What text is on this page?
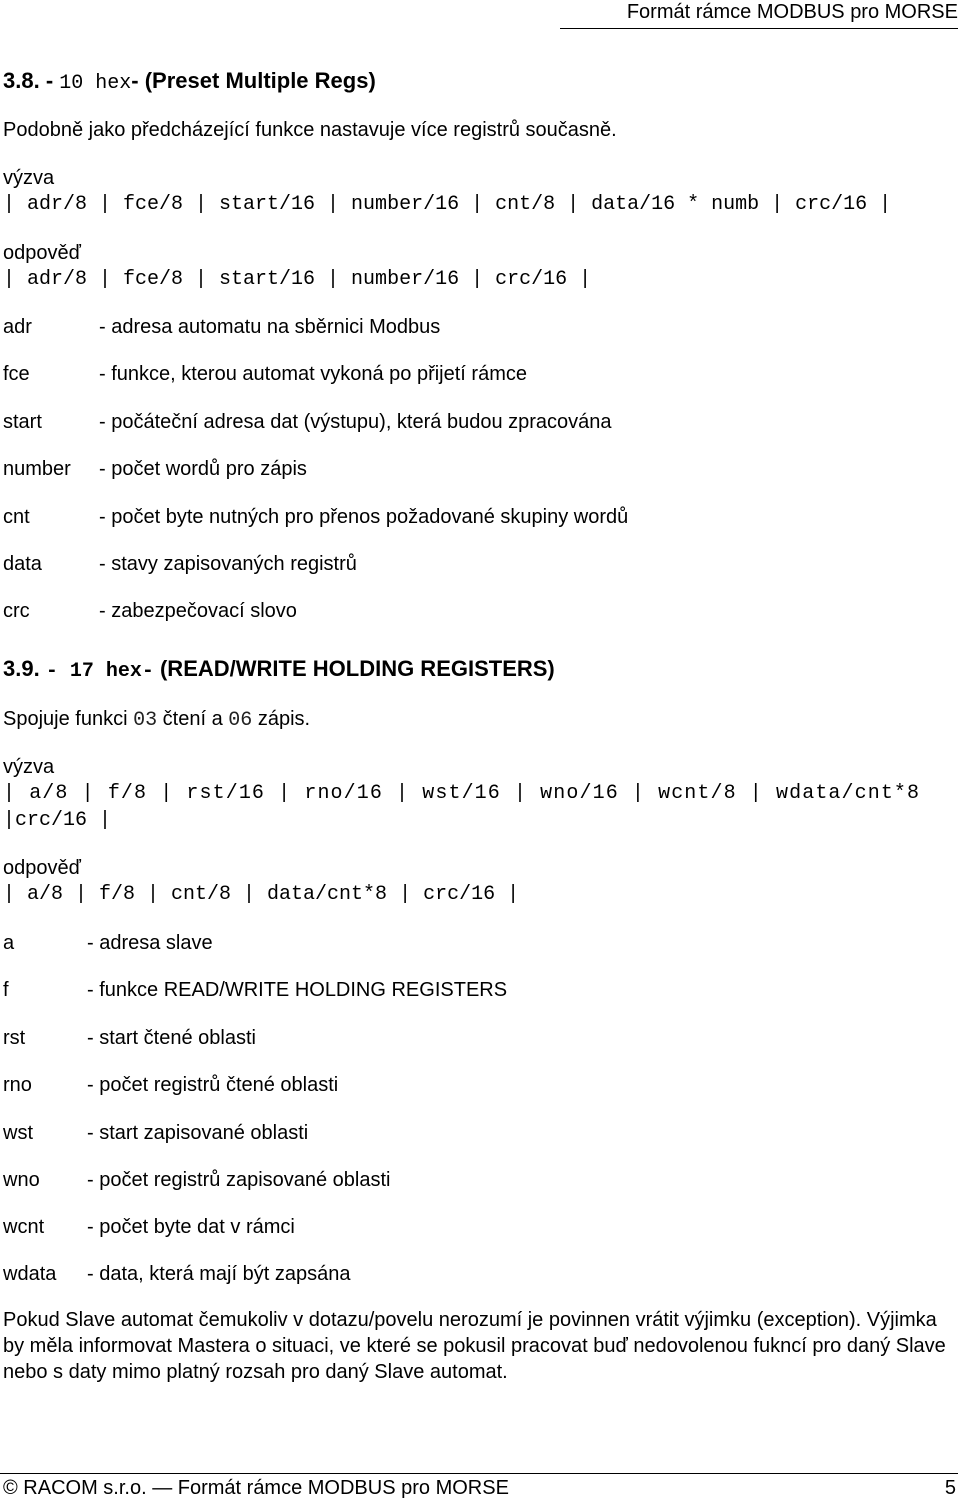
Formát rámce MODBUS pro MORSE
3.8. - 10 hex- (Preset Multiple Regs)
Podobně jako předcházející funkce nastavuje více registrů současně.
výzva
| adr/8 | fce/8 | start/16 | number/16 | cnt/8 | data/16 * numb | crc/16 |
odpověď
| adr/8 | fce/8 | start/16 | number/16 | crc/16 |
adr	- adresa automatu na sběrnici Modbus
fce	- funkce, kterou automat vykoná po přijetí rámce
start	- počáteční adresa dat (výstupu), která budou zpracována
number - počet wordů pro zápis
cnt	- počet byte nutných pro přenos požadované skupiny wordů
data	- stavy zapisovaných registrů
crc	- zabezpečovací slovo
3.9. - 17 hex- (READ/WRITE HOLDING REGISTERS)
Spojuje funkci 03 čtení a 06 zápis.
výzva
| a/8 | f/8 | rst/16 | rno/16 | wst/16 | wno/16 | wcnt/8 | wdata/cnt*8
|crc/16 |
odpověď
| a/8 | f/8 | cnt/8 | data/cnt*8 | crc/16 |
a	- adresa slave
f	- funkce READ/WRITE HOLDING REGISTERS
rst	- start čtené oblasti
rno	- počet registrů čtené oblasti
wst	- start zapisované oblasti
wno - počet registrů zapisované oblasti
wcnt - počet byte dat v rámci
wdata - data, která mají být zapsána
Pokud Slave automat čemukoliv v dotazu/povelu nerozumí je povinnen vrátit výjimku (exception). Výjimka by měla informovat Mastera o situaci, ve které se pokusil pracovat buď nedovolenou fukncí pro daný Slave nebo s daty mimo platný rozsah pro daný Slave automat.
© RACOM s.r.o. — Formát rámce MODBUS pro MORSE	5
